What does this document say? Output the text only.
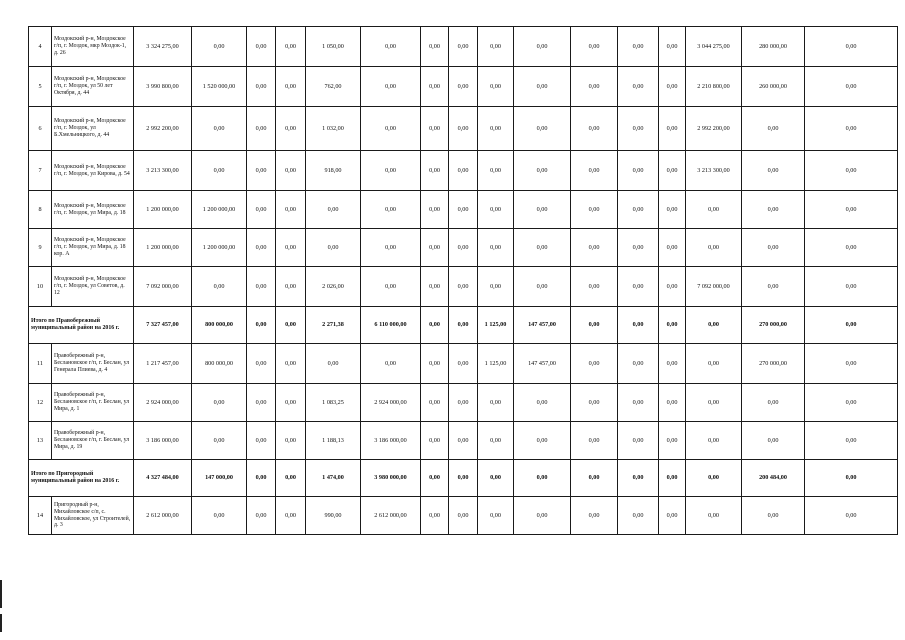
4	Моздокский р-н, Моздокское г/п, г. Моздок, мкр Моздок-1, д. 26	3 324 275,00	0,00	0,00	0,00	1 050,00	0,00	0,00	0,00	0,00	0,00	0,00	0,00	0,00	3 044 275,00	280 000,00	0,00
5	Моздокский р-н, Моздокское г/п, г. Моздок, ул 50 лет Октября, д. 44	3 990 800,00	1 520 000,00	0,00	0,00	762,00	0,00	0,00	0,00	0,00	0,00	0,00	0,00	0,00	2 210 800,00	260 000,00	0,00
6	Моздокский р-н, Моздокское г/п, г. Моздок, ул Б.Хмельницкого, д. 44	2 992 200,00	0,00	0,00	0,00	1 032,00	0,00	0,00	0,00	0,00	0,00	0,00	0,00	0,00	2 992 200,00	0,00	0,00
7	Моздокский р-н, Моздокское г/п, г. Моздок, ул Кирова, д. 54	3 213 300,00	0,00	0,00	0,00	918,00	0,00	0,00	0,00	0,00	0,00	0,00	0,00	0,00	3 213 300,00	0,00	0,00
8	Моздокский р-н, Моздокское г/п, г. Моздок, ул Мира, д. 18	1 200 000,00	1 200 000,00	0,00	0,00	0,00	0,00	0,00	0,00	0,00	0,00	0,00	0,00	0,00	0,00	0,00	0,00
9	Моздокский р-н, Моздокское г/п, г. Моздок, ул Мира, д. 18 кор. А	1 200 000,00	1 200 000,00	0,00	0,00	0,00	0,00	0,00	0,00	0,00	0,00	0,00	0,00	0,00	0,00	0,00	0,00
10	Моздокский р-н, Моздокское г/п, г. Моздок, ул Советов, д. 12	7 092 000,00	0,00	0,00	0,00	2 026,00	0,00	0,00	0,00	0,00	0,00	0,00	0,00	0,00	7 092 000,00	0,00	0,00
Итого по Правобережный муниципальный район на 2016 г.		7 327 457,00	800 000,00	0,00	0,00	2 271,38	6 110 000,00	0,00	0,00	1 125,00	147 457,00	0,00	0,00	0,00	0,00	270 000,00	0,00
11	Правобережный р-н, Беслановское г/п, г. Беслан, ул Генерала Плиева, д. 4	1 217 457,00	800 000,00	0,00	0,00	0,00	0,00	0,00	0,00	1 125,00	147 457,00	0,00	0,00	0,00	0,00	270 000,00	0,00
12	Правобережный р-н, Беслановское г/п, г. Беслан, ул Мира, д. 1	2 924 000,00	0,00	0,00	0,00	1 083,25	2 924 000,00	0,00	0,00	0,00	0,00	0,00	0,00	0,00	0,00	0,00	0,00
13	Правобережный р-н, Беслановское г/п, г. Беслан, ул Мира, д. 19	3 186 000,00	0,00	0,00	0,00	1 188,13	3 186 000,00	0,00	0,00	0,00	0,00	0,00	0,00	0,00	0,00	0,00	0,00
Итого по Пригородный муниципальный район на 2016 г.		4 327 484,00	147 000,00	0,00	0,00	1 474,00	3 980 000,00	0,00	0,00	0,00	0,00	0,00	0,00	0,00	0,00	200 484,00	0,00
14	Пригородный р-н, Михайловское с/п, с. Михайловское, ул Строителей, д. 3	2 612 000,00	0,00	0,00	0,00	990,00	2 612 000,00	0,00	0,00	0,00	0,00	0,00	0,00	0,00	0,00	0,00	0,00
